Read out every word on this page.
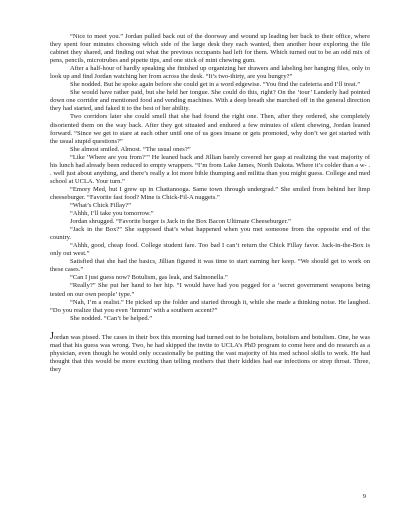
“Nice to meet you.” Jordan pulled back out of the doorway and wound up leading her back to their office, where they spent four minutes choosing which side of the large desk they each wanted, then another hour exploring the file cabinet they shared, and finding out what the previous occupants had left for them. Which turned out to be an odd mix of pens, pencils, microtrubes and pipette tips, and one stick of mint chewing gum.

After a half-hour of hardly speaking she finished up organizing her drawers and labeling her hanging files, only to look up and find Jordan watching her from across the desk. “It’s two-thirty, are you hungry?”

She nodded. But he spoke again before she could get in a word edgewise. “You find the cafeteria and I’ll treat.”

She would have rather paid, but she held her tongue. She could do this, right? On the ‘tour’ Landerly had pointed down one corridor and mentioned food and vending machines. With a deep breath she marched off in the general direction they had started, and faked it to the best of her ability.

Two corridors later she could smell that she had found the right one. Then, after they ordered, she completely disoriented them on the way back. After they got situated and endured a few minutes of silent chewing, Jordan leaned forward. “Since we get to stare at each other until one of us goes insane or gets promoted, why don’t we get started with the usual stupid questions?”

She almost smiled. Almost. “The usual ones?”

“Like ‘Where are you from?’” He leaned back and Jillian barely covered her gasp at realizing the vast majority of his lunch had already been reduced to empty wrappers. “I’m from Lake James, North Dakota. Where it’s colder than a w- . . well just about anything, and there’s really a lot more bible thumping and militia than you might guess. College and med school at UCLA. Your turn.”

“Emory Med, but I grew up in Chattanooga. Same town through undergrad.” She smiled from behind her limp cheeseburger. “Favorite fast food? Mine is Chick-Fil-A nuggets.”

“What’s Chick Fillay?”

“Ahhh, I’ll take you tomorrow.”

Jordan shrugged. “Favorite burger is Jack in the Box Bacon Ultimate Cheeseburger.”

“Jack in the Box?” She supposed that’s what happened when you met someone from the opposite end of the country.

“Ahhh, good, cheap food. College student fare. Too bad I can’t return the Chick Fillay favor. Jack-in-the-Box is only out west.”

Satisfied that she had the basics, Jillian figured it was time to start earning her keep. “We should get to work on these cases.”

“Can I just guess now? Botulism, gas leak, and Salmonella.”

“Really?” She put her hand to her hip. “I would have had you pegged for a ‘secret government weapons being tested on our own people’ type.”

“Nah, I’m a realist.” He picked up the folder and started through it, while she made a thinking noise. He laughed. “Do you realize that you even ‘hmmm’ with a southern accent?”

She nodded. “Can’t be helped.”

Jordan was pissed. The cases in their box this morning had turned out to be botulism, botulism and botulism. One, he was mad that his guess was wrong. Two, he had skipped the invite to UCLA’s PhD program to come here and do research as a physician, even though he would only occasionally be putting the vast majority of his med school skills to work. He had thought that this would be more exciting than telling mothers that their kiddies had ear infections or strep throat. Three, they

9
